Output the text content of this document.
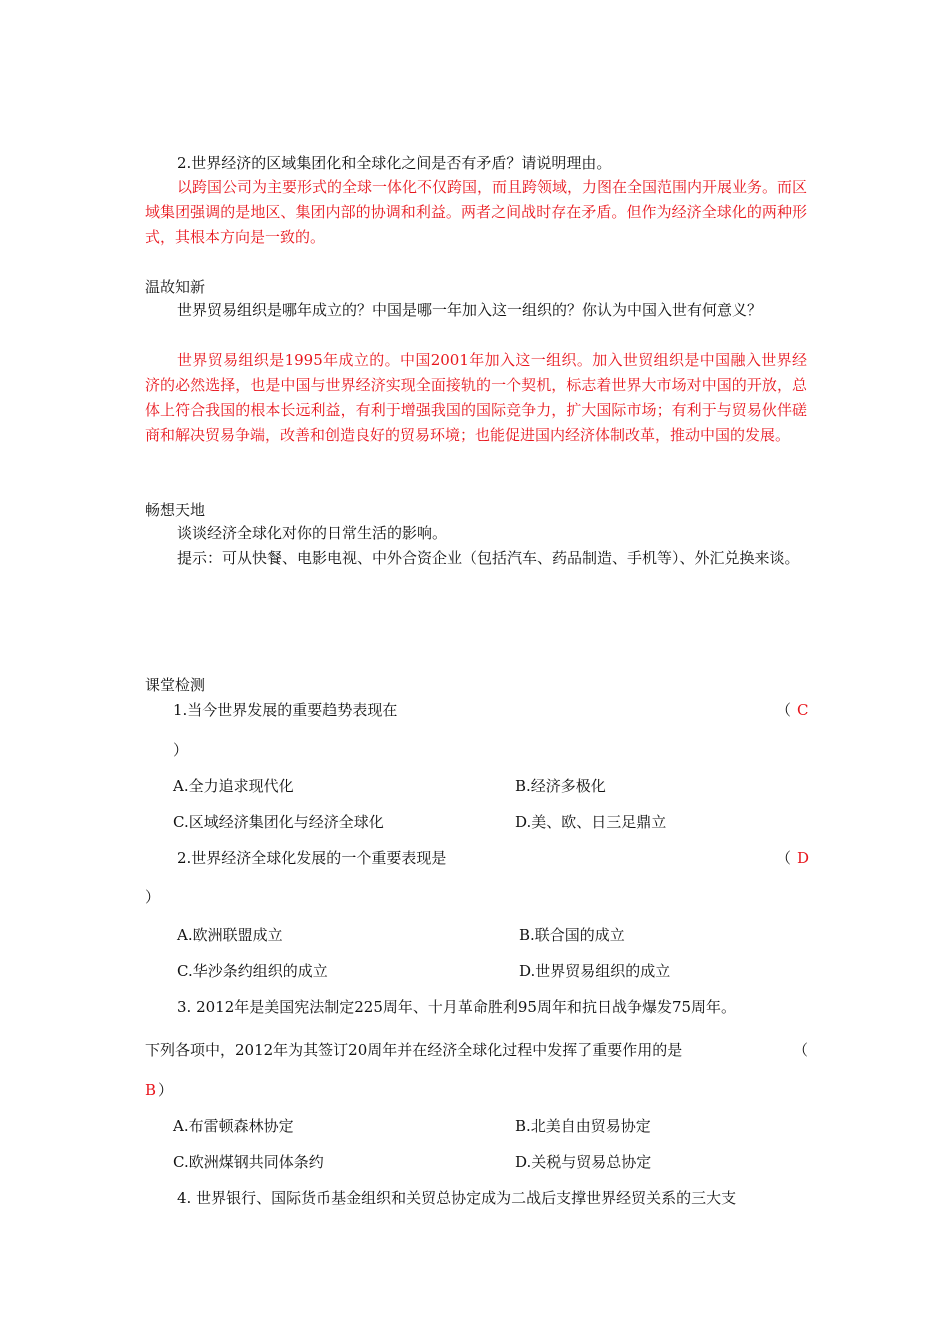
2.世界经济的区域集团化和全球化之间是否有矛盾？请说明理由。
以跨国公司为主要形式的全球一体化不仅跨国，而且跨领域，力图在全国范围内开展业务。而区域集团强调的是地区、集团内部的协调和利益。两者之间战时存在矛盾。但作为经济全球化的两种形式，其根本方向是一致的。
温故知新
世界贸易组织是哪年成立的？中国是哪一年加入这一组织的？你认为中国入世有何意义？
世界贸易组织是1995年成立的。中国2001年加入这一组织。加入世贸组织是中国融入世界经济的必然选择，也是中国与世界经济实现全面接轨的一个契机，标志着世界大市场对中国的开放，总体上符合我国的根本长远利益，有利于增强我国的国际竞争力，扩大国际市场；有利于与贸易伙伴磋商和解决贸易争端，改善和创造良好的贸易环境；也能促进国内经济体制改革，推动中国的发展。
畅想天地
谈谈经济全球化对你的日常生活的影响。
提示：可从快餐、电影电视、中外合资企业（包括汽车、药品制造、手机等）、外汇兑换来谈。
课堂检测
1.当今世界发展的重要趋势表现在	（ C
）
A.全力追求现代化	B.经济多极化
C.区域经济集团化与经济全球化	D.美、欧、日三足鼎立
2.世界经济全球化发展的一个重要表现是	（ D
）
A.欧洲联盟成立	B.联合国的成立
C.华沙条约组织的成立	D.世界贸易组织的成立
3. 2012年是美国宪法制定225周年、十月革命胜利95周年和抗日战争爆发75周年。
下列各项中，2012年为其签订20周年并在经济全球化过程中发挥了重要作用的是	（
B ）
A.布雷顿森林协定	B.北美自由贸易协定
C.欧洲煤钢共同体条约	D.关税与贸易总协定
4. 世界银行、国际货币基金组织和关贸总协定成为二战后支撑世界经贸关系的三大支
